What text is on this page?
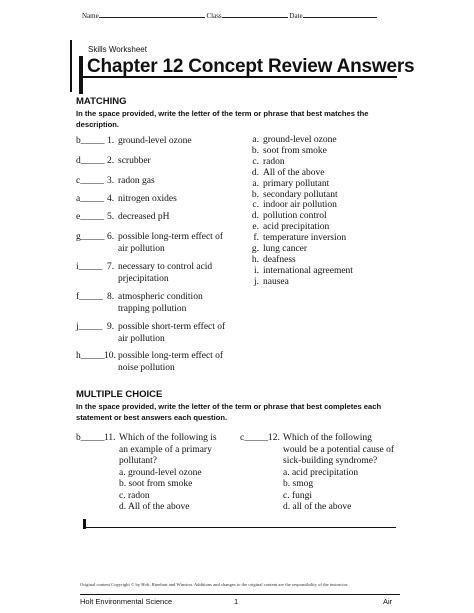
Name	Class	Date
Skills Worksheet
Chapter 12 Concept Review Answers
MATCHING
In the space provided, write the letter of the term or phrase that best matches the description.
b_____ 1. ground-level ozone
d_____ 2. scrubber
c_____ 3. radon gas
a_____ 4. nitrogen oxides
e_____ 5. decreased pH
g_____ 6. possible long-term effect of
air pollution
i_____ 7. necessary to control acid
prjecipitation
f_____ 8. atmospheric condition
trapping pollution
j_____ 9. possible short-term effect of
air pollution
h_____10. possible long-term effect of
noise pollution
a. ground-level ozone
b. soot from smoke
c. radon
d. All of the above
a. primary pollutant
b. secondary pollutant
c. indoor air pollution
d. pollution control
e. acid precipitation
f. temperature inversion
g. lung cancer
h. deafness
i. international agreement
j. nausea
MULTIPLE CHOICE
In the space provided, write the letter of the term or phrase that best completes each statement or best answers each question.
b_____11. Which of the following is
an example of a primary
pollutant?
a. ground-level ozone
b. soot from smoke
c. radon
d. All of the above
c_____12. Which of the following
would be a potential cause of
sick-building syndrome?
a. acid precipitation
b. smog
c. fungi
d. all of the above
Original content Copyright © by Holt, Rinehart and Winston. Additions and changes to the original content are the responsibility of the instructor.
Holt Environmental Science	1	Air
